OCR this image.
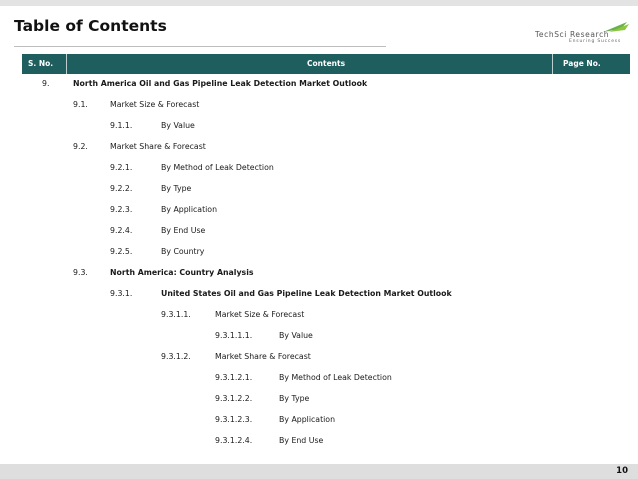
Table of Contents	TechSci Research
Ensuring Success
S. No.	Contents	Page No.
9.	North America Oil and Gas Pipeline Leak Detection Market Outlook
9.1.	Market Size & Forecast
9.1.1.	By Value
9.2.	Market Share & Forecast
9.2.1.	By Method of Leak Detection
9.2.2.	By Type
9.2.3.	By Application
9.2.4.	By End Use
9.2.5.	By Country
9.3.	North America: Country Analysis
9.3.1.	United States Oil and Gas Pipeline Leak Detection Market Outlook
9.3.1.1.	Market Size & Forecast
9.3.1.1.1.	By Value
9.3.1.2.	Market Share & Forecast
9.3.1.2.1.	By Method of Leak Detection
9.3.1.2.2.	By Type
9.3.1.2.3.	By Application
9.3.1.2.4.	By End Use
10
